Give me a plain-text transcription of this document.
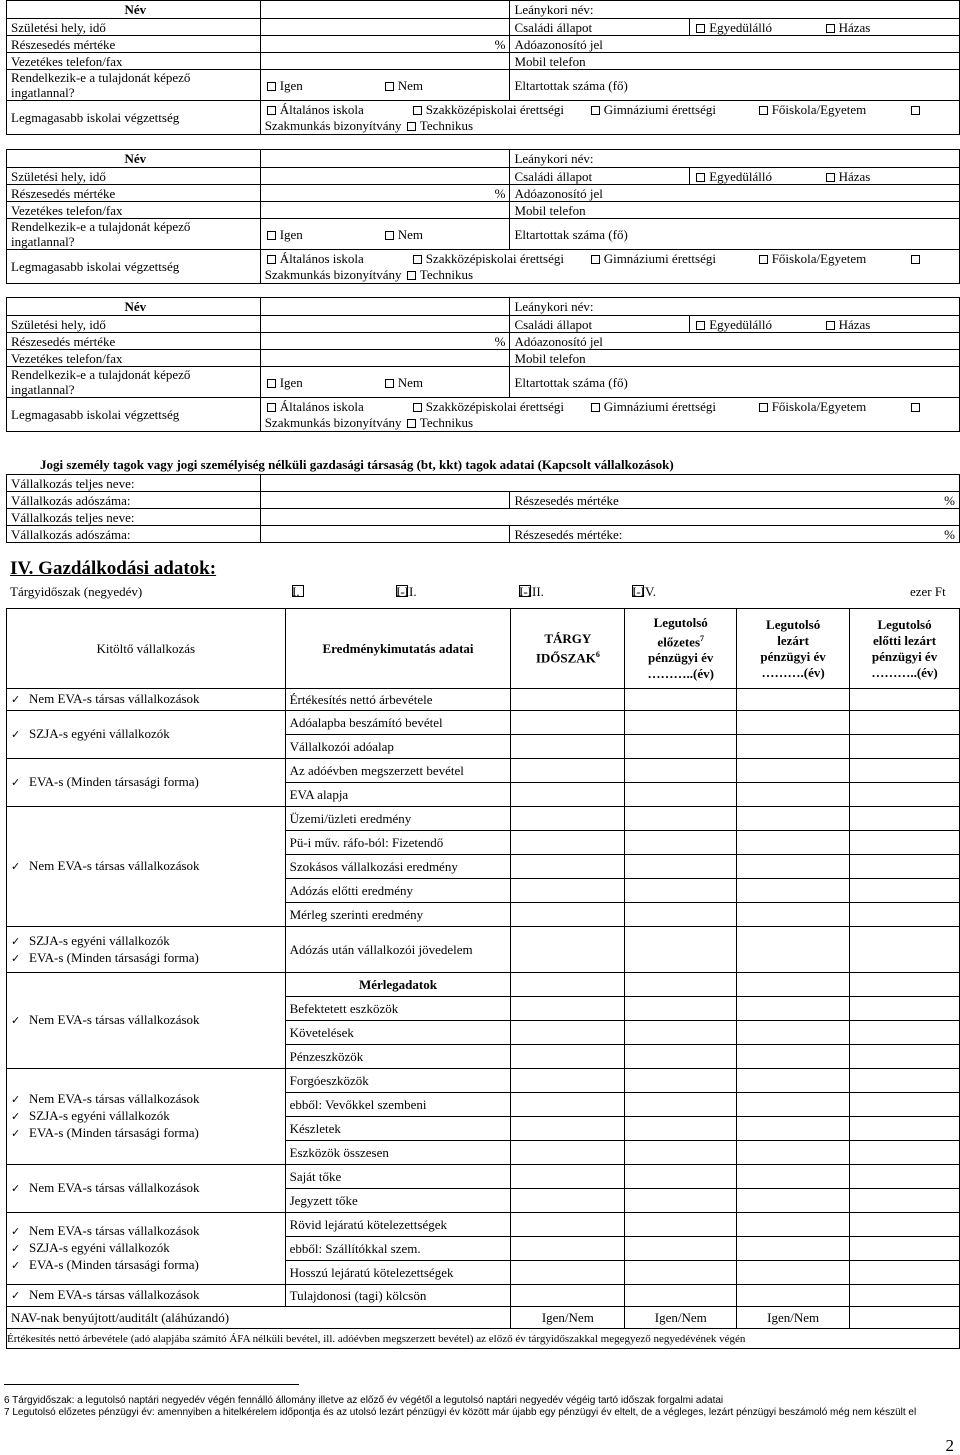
Név		Leánykori név:		
Születési hely, idő		Családi állapot	Egyedülálló	Házas
Részesedés mértéke	%	Adóazonosító jel		
Vezetékes telefon/fax		Mobil telefon		
Rendelkezik-e a tulajdonát képező
ingatlannal?	Igen Nem	Eltartottak száma (fő)		
Legmagasabb iskolai végzettség	Általános iskola Szakközépiskolai érettségi Gimnáziumi érettségi Főiskola/Egyetem
Szakmunkás bizonyítvány Technikus			
Név		Leánykori név:		
Születési hely, idő		Családi állapot	Egyedülálló	Házas
Részesedés mértéke	%	Adóazonosító jel		
Vezetékes telefon/fax		Mobil telefon		
Rendelkezik-e a tulajdonát képező
ingatlannal?	Igen Nem	Eltartottak száma (fő)		
Legmagasabb iskolai végzettség	Általános iskola Szakközépiskolai érettségi Gimnáziumi érettségi Főiskola/Egyetem
Szakmunkás bizonyítvány Technikus			
Név		Leánykori név:		
Születési hely, idő		Családi állapot	Egyedülálló	Házas
Részesedés mértéke	%	Adóazonosító jel		
Vezetékes telefon/fax		Mobil telefon		
Rendelkezik-e a tulajdonát képező
ingatlannal?	Igen Nem	Eltartottak száma (fő)		
Legmagasabb iskolai végzettség	Általános iskola Szakközépiskolai érettségi Gimnáziumi érettségi Főiskola/Egyetem
Szakmunkás bizonyítvány Technikus			
Jogi személy tagok vagy jogi személyiség nélküli gazdasági társaság (bt, kkt) tagok adatai (Kapcsolt vállalkozások)
Vállalkozás teljes neve:			
Vállalkozás adószáma:		Részesedés mértéke	%
Vállalkozás teljes neve:			
Vállalkozás adószáma:		Részesedés mértéke:	%
IV. Gazdálkodási adatok:
Tárgyidőszak (negyedév)	I.	I-II.	I-III.	I-IV.	ezer Ft
Kitöltő vállalkozás	Eredménykimutatás adatai	TÁRGY
IDŐSZAK$^6$	Legutolsó
előzetes$^7$
pénzügyi év
………..(év)	Legutolsó
lezárt
pénzügyi év
……….(év)	Legutolsó
előtti lezárt
pénzügyi év
………..(év)
✓ Nem EVA-s társas vállalkozások	Értékesítés nettó árbevétele				
✓ SZJA-s egyéni vállalkozók	Adóalapba beszámító bevétel				
	Vállalkozói adóalap				
✓ EVA-s (Minden társasági forma)	Az adóévben megszerzett bevétel				
	EVA alapja				
✓ Nem EVA-s társas vállalkozások	Üzemi/üzleti eredmény				
	Pü-i műv. ráfo-ból: Fizetendő				
	Szokásos vállalkozási eredmény				
	Adózás előtti eredmény				
	Mérleg szerinti eredmény				
✓ SZJA-s egyéni vállalkozók
✓ EVA-s (Minden társasági forma)	Adózás után vállalkozói jövedelem				
✓ Nem EVA-s társas vállalkozások	Mérlegadatok				
	Befektetett eszközök				
	Követelések				
	Pénzeszközök				
✓ Nem EVA-s társas vállalkozások
✓ SZJA-s egyéni vállalkozók
✓ EVA-s (Minden társasági forma)	Forgóeszközök				
	ebből: Vevőkkel szembeni				
	Készletek				
	Eszközök összesen				
✓ Nem EVA-s társas vállalkozások	Saját tőke				
	Jegyzett tőke				
✓ Nem EVA-s társas vállalkozások
✓ SZJA-s egyéni vállalkozók
✓ EVA-s (Minden társasági forma)	Rövid lejáratú kötelezettségek				
	ebből: Szállítókkal szem.				
	Hosszú lejáratú kötelezettségek				
✓ Nem EVA-s társas vállalkozások	Tulajdonosi (tagi) kölcsön				
NAV-nak benyújtott/auditált (aláhúzandó)		Igen/Nem	Igen/Nem	Igen/Nem	
Értékesítés nettó árbevétele (adó alapjába számító ÁFA nélküli bevétel, ill. adóévben megszerzett bevétel) az előző év tárgyidőszakkal megegyező negyedévének végén					
6 Tárgyidőszak: a legutolsó naptári negyedév végén fennálló állomány illetve az előző év végétől a legutolsó naptári negyedév végéig tartó időszak forgalmi adatai
7 Legutolsó előzetes pénzügyi év: amennyiben a hitelkérelem időpontja és az utolsó lezárt pénzügyi év között már újabb egy pénzügyi év eltelt, de a végleges, lezárt pénzügyi beszámoló még nem készült el
2
